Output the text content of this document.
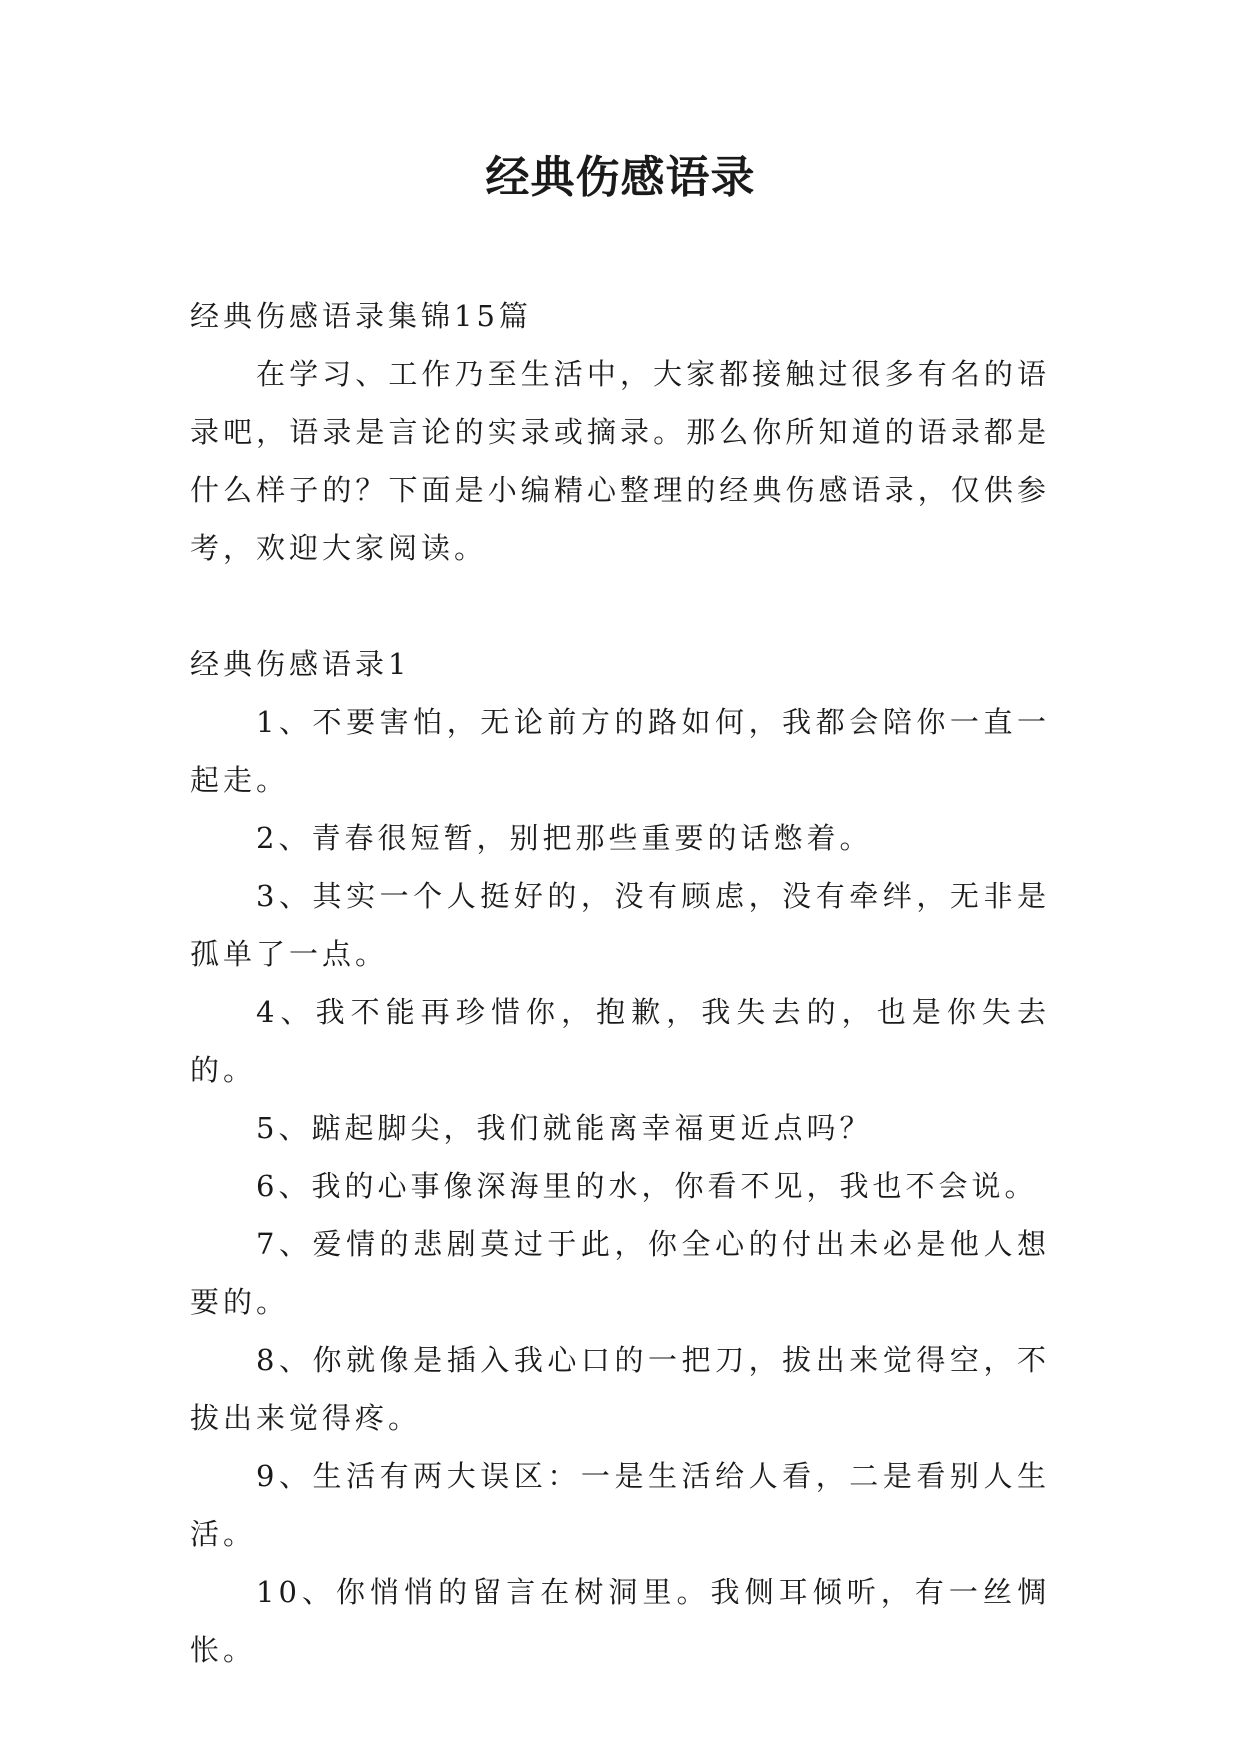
经典伤感语录

经典伤感语录集锦15篇

在学习、工作乃至生活中，大家都接触过很多有名的语录吧，语录是言论的实录或摘录。那么你所知道的语录都是什么样子的？下面是小编精心整理的经典伤感语录，仅供参考，欢迎大家阅读。

经典伤感语录1

1、不要害怕，无论前方的路如何，我都会陪你一直一起走。

2、青春很短暂，别把那些重要的话憋着。

3、其实一个人挺好的，没有顾虑，没有牵绊，无非是孤单了一点。

4、我不能再珍惜你，抱歉，我失去的，也是你失去的。

5、踮起脚尖，我们就能离幸福更近点吗？

6、我的心事像深海里的水，你看不见，我也不会说。

7、爱情的悲剧莫过于此，你全心的付出未必是他人想要的。

8、你就像是插入我心口的一把刀，拔出来觉得空，不拔出来觉得疼。

9、生活有两大误区：一是生活给人看，二是看别人生活。

10、你悄悄的留言在树洞里。我侧耳倾听，有一丝惆怅。
